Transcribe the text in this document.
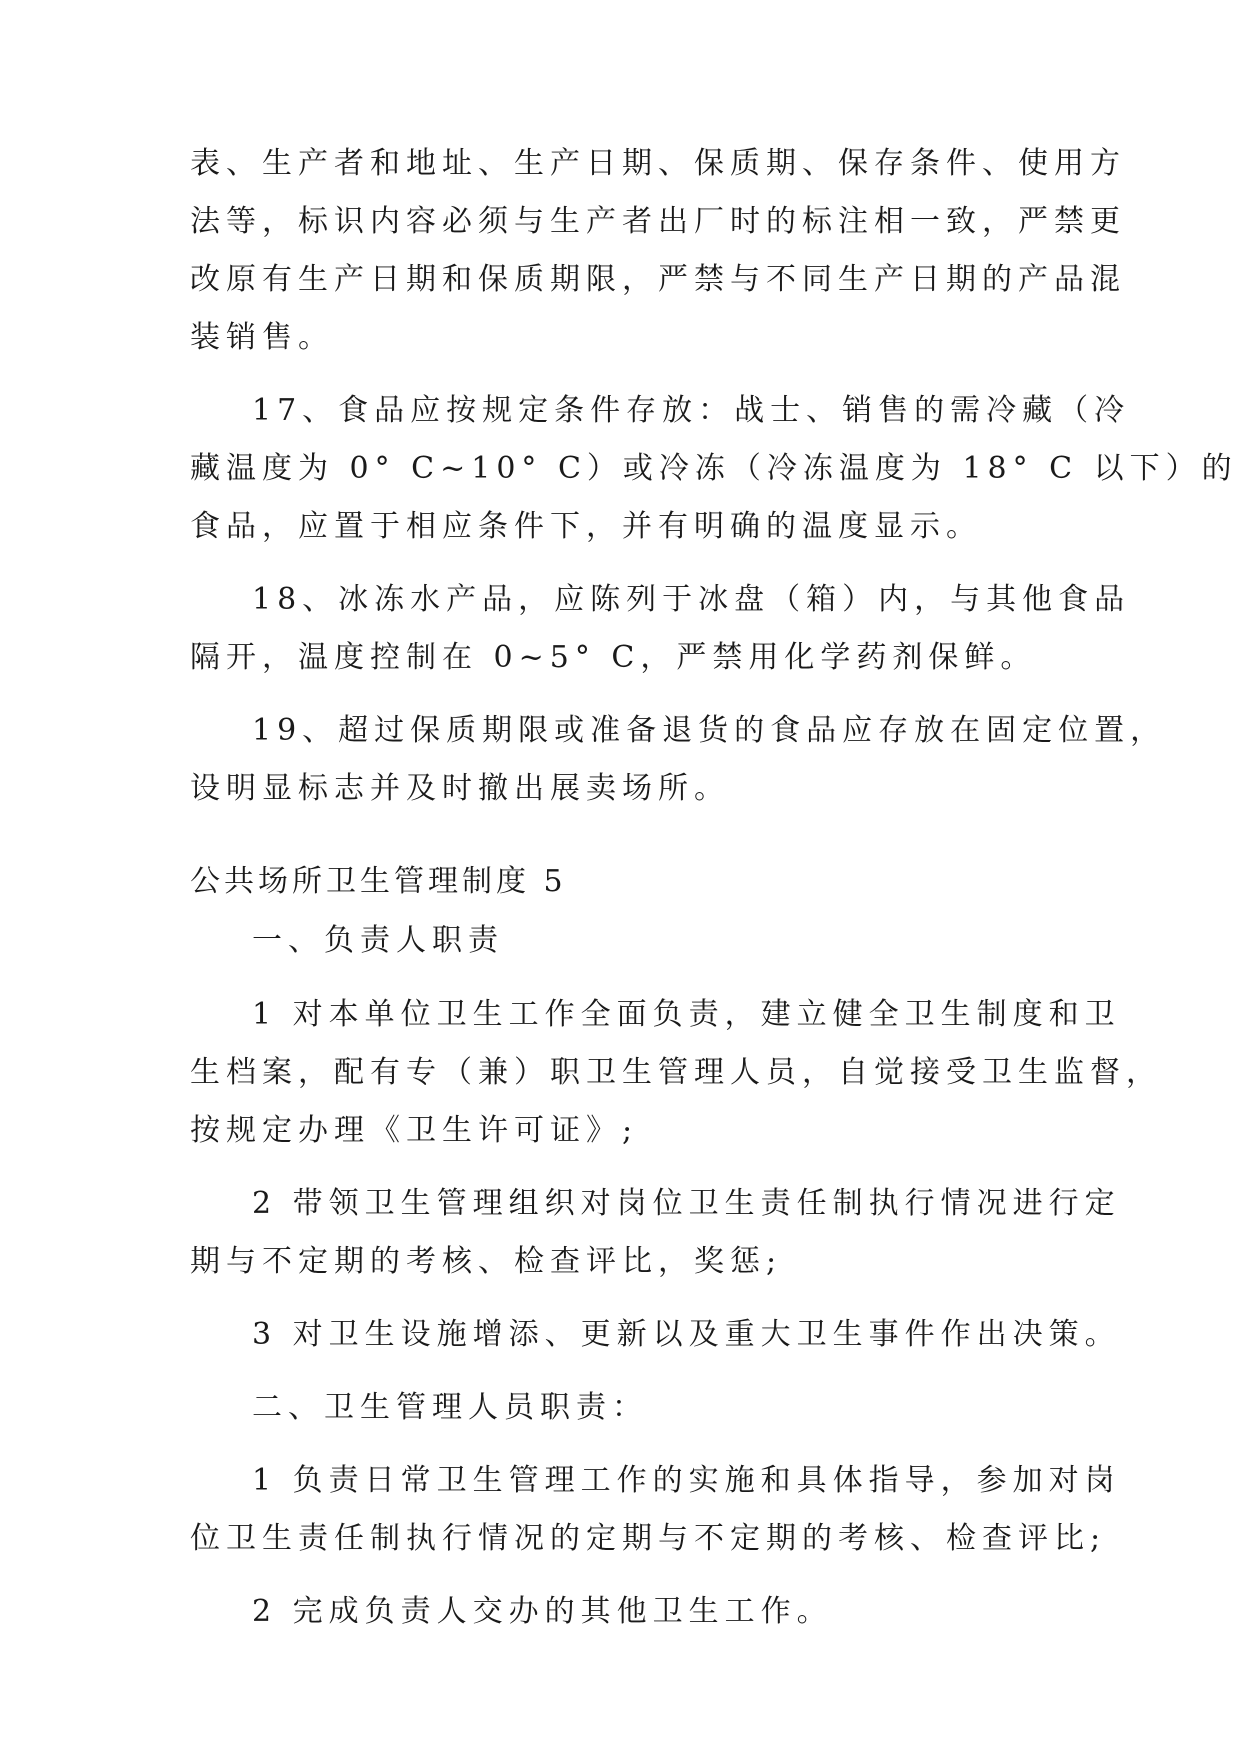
表、生产者和地址、生产日期、保质期、保存条件、使用方
法等，标识内容必须与生产者出厂时的标注相一致，严禁更
改原有生产日期和保质期限，严禁与不同生产日期的产品混
装销售。
17、食品应按规定条件存放：战士、销售的需冷藏（冷
藏温度为 0° C~10° C）或冷冻（冷冻温度为 18° C 以下）的
食品，应置于相应条件下，并有明确的温度显示。
18、冰冻水产品，应陈列于冰盘（箱）内，与其他食品
隔开，温度控制在 0~5° C，严禁用化学药剂保鲜。
19、超过保质期限或准备退货的食品应存放在固定位置，
设明显标志并及时撤出展卖场所。
公共场所卫生管理制度 5
一、负责人职责
1 对本单位卫生工作全面负责，建立健全卫生制度和卫
生档案，配有专（兼）职卫生管理人员，自觉接受卫生监督，
按规定办理《卫生许可证》;
2 带领卫生管理组织对岗位卫生责任制执行情况进行定
期与不定期的考核、检查评比，奖惩;
3 对卫生设施增添、更新以及重大卫生事件作出决策。
二、卫生管理人员职责：
1 负责日常卫生管理工作的实施和具体指导，参加对岗
位卫生责任制执行情况的定期与不定期的考核、检查评比;
2 完成负责人交办的其他卫生工作。
